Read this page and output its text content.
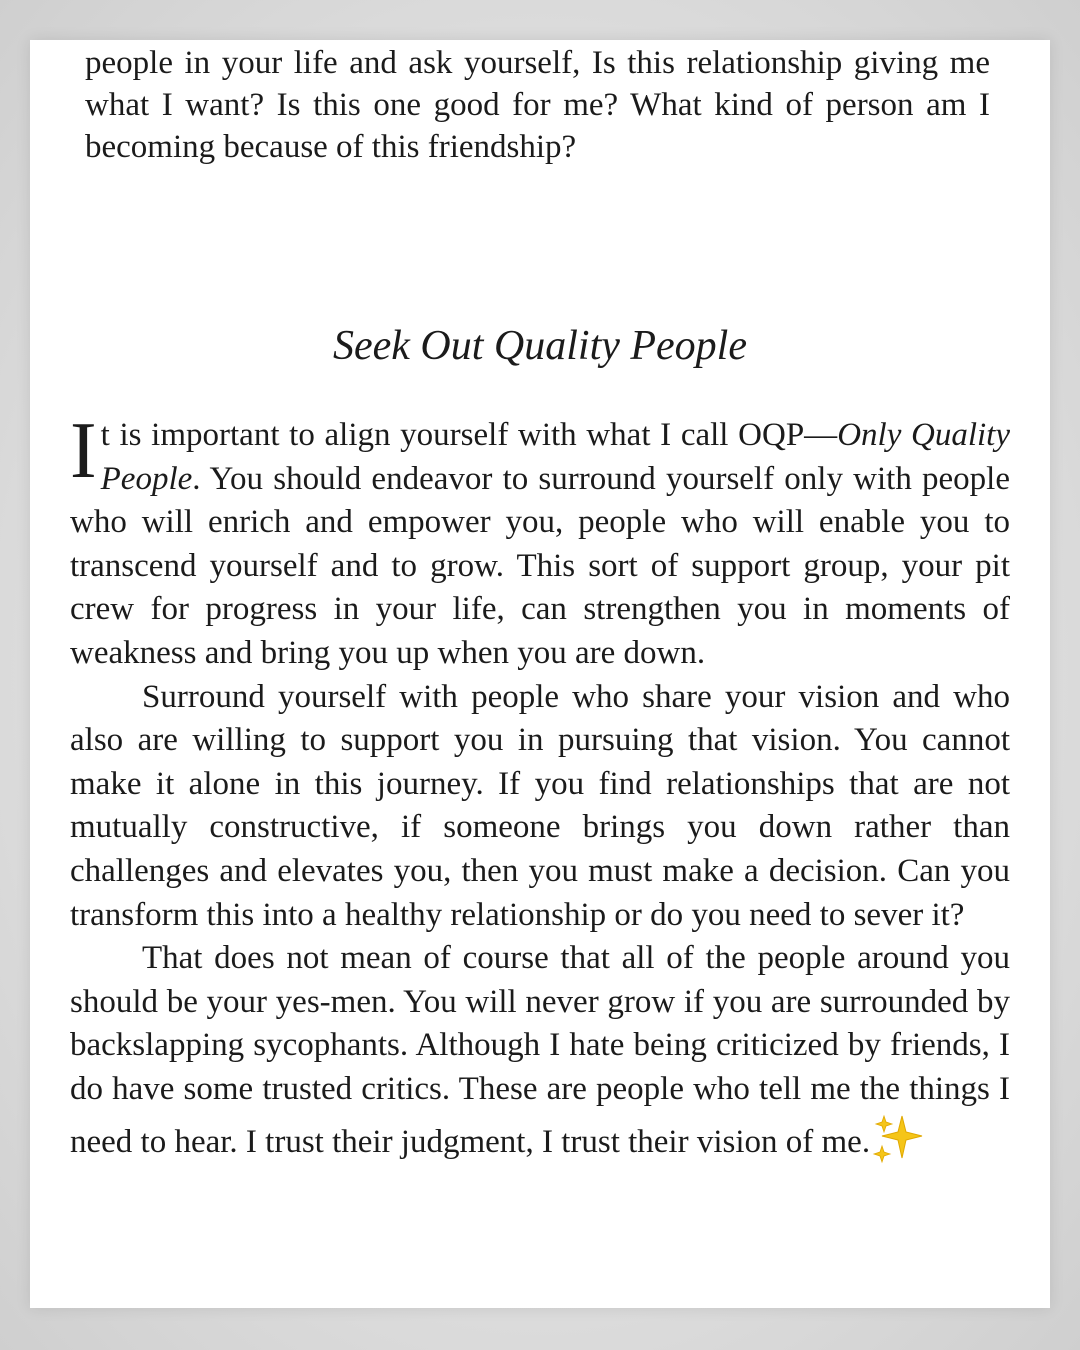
people in your life and ask yourself, Is this relationship giving me what I want? Is this one good for me? What kind of person am I becoming because of this friendship?

Seek Out Quality People

It is important to align yourself with what I call OQP—Only Quality People. You should endeavor to surround yourself only with people who will enrich and empower you, people who will enable you to transcend yourself and to grow. This sort of support group, your pit crew for progress in your life, can strengthen you in moments of weakness and bring you up when you are down.

Surround yourself with people who share your vision and who also are willing to support you in pursuing that vision. You cannot make it alone in this journey. If you find relationships that are not mutually constructive, if someone brings you down rather than challenges and elevates you, then you must make a decision. Can you transform this into a healthy relationship or do you need to sever it?

That does not mean of course that all of the people around you should be your yes-men. You will never grow if you are surrounded by backslapping sycophants. Although I hate being criticized by friends, I do have some trusted critics. These are people who tell me the things I need to hear. I trust their judgment, I trust their vision of me.
